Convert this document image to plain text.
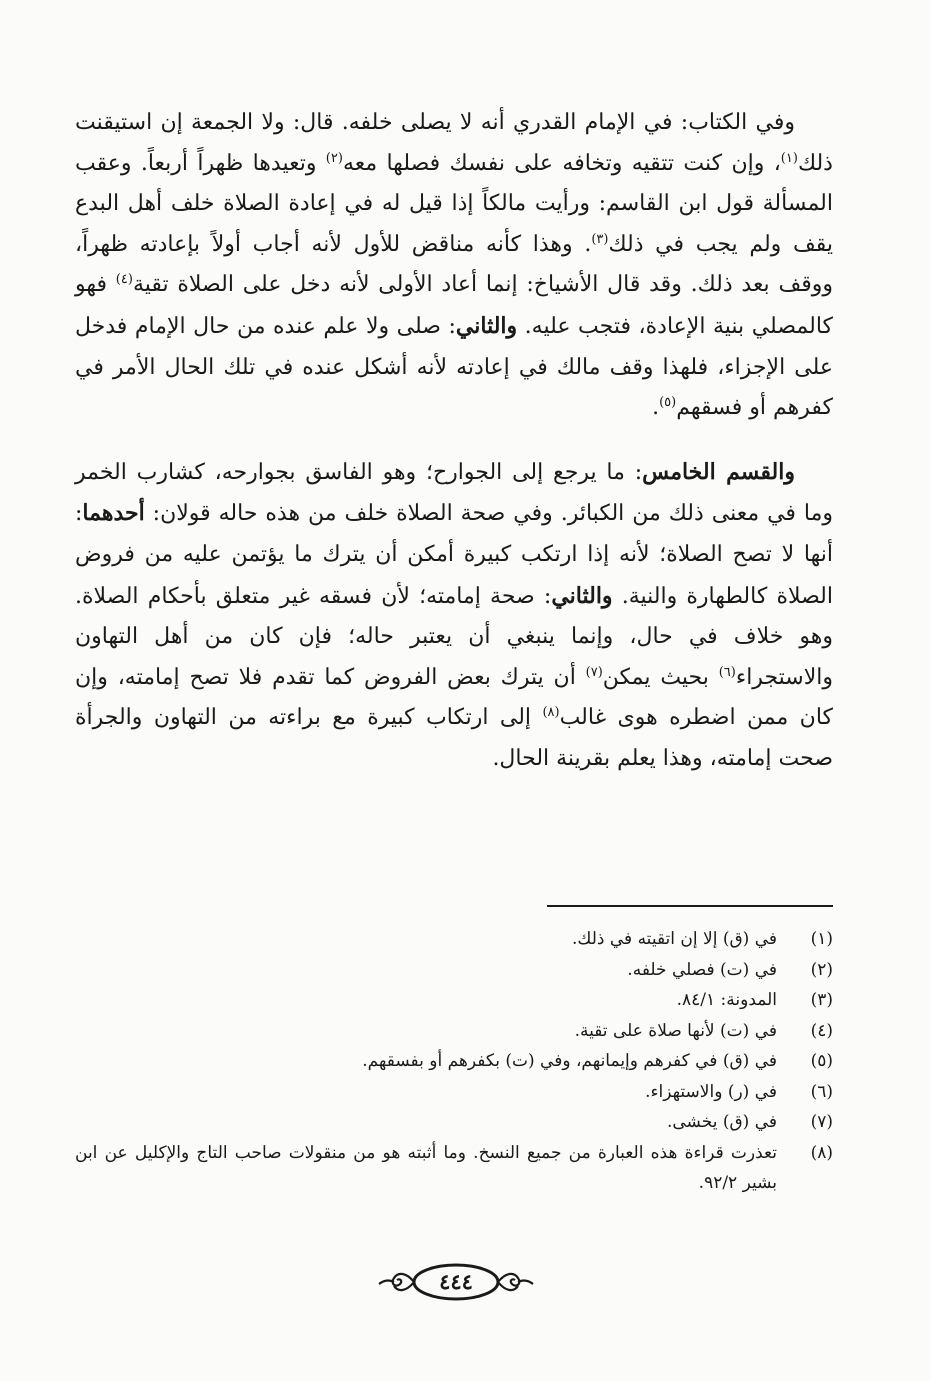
وفي الكتاب: في الإمام القدري أنه لا يصلى خلفه. قال: ولا الجمعة إن استيقنت ذلك$^{(١)}$، وإن كنت تتقيه وتخافه على نفسك فصلها معه$^{(٢)}$ وتعيدها ظهراً أربعاً. وعقب المسألة قول ابن القاسم: ورأيت مالكاً إذا قيل له في إعادة الصلاة خلف أهل البدع يقف ولم يجب في ذلك$^{(٣)}$. وهذا كأنه مناقض للأول لأنه أجاب أولاً بإعادته ظهراً، ووقف بعد ذلك. وقد قال الأشياخ: إنما أعاد الأولى لأنه دخل على الصلاة تقية$^{(٤)}$ فهو كالمصلي بنية الإعادة، فتجب عليه. والثاني: صلى ولا علم عنده من حال الإمام فدخل على الإجزاء، فلهذا وقف مالك في إعادته لأنه أشكل عنده في تلك الحال الأمر في كفرهم أو فسقهم$^{(٥)}$.

والقسم الخامس: ما يرجع إلى الجوارح؛ وهو الفاسق بجوارحه، كشارب الخمر وما في معنى ذلك من الكبائر. وفي صحة الصلاة خلف من هذه حاله قولان: أحدهما: أنها لا تصح الصلاة؛ لأنه إذا ارتكب كبيرة أمكن أن يترك ما يؤتمن عليه من فروض الصلاة كالطهارة والنية. والثاني: صحة إمامته؛ لأن فسقه غير متعلق بأحكام الصلاة. وهو خلاف في حال، وإنما ينبغي أن يعتبر حاله؛ فإن كان من أهل التهاون والاستجراء$^{(٦)}$ بحيث يمكن$^{(٧)}$ أن يترك بعض الفروض كما تقدم فلا تصح إمامته، وإن كان ممن اضطره هوى غالب$^{(٨)}$ إلى ارتكاب كبيرة مع براءته من التهاون والجرأة صحت إمامته، وهذا يعلم بقرينة الحال.

(١)
في (ق) إلا إن اتقيته في ذلك.
(٢)
في (ت) فصلي خلفه.
(٣)
المدونة: ٨٤/١.
(٤)
في (ت) لأنها صلاة على تقية.
(٥)
في (ق) في كفرهم وإيمانهم، وفي (ت) بكفرهم أو بفسقهم.
(٦)
في (ر) والاستهزاء.
(٧)
في (ق) يخشى.
(٨)
تعذرت قراءة هذه العبارة من جميع النسخ. وما أثبته هو من منقولات صاحب التاج والإكليل عن ابن بشير ٩٢/٢.
٤٤٤
